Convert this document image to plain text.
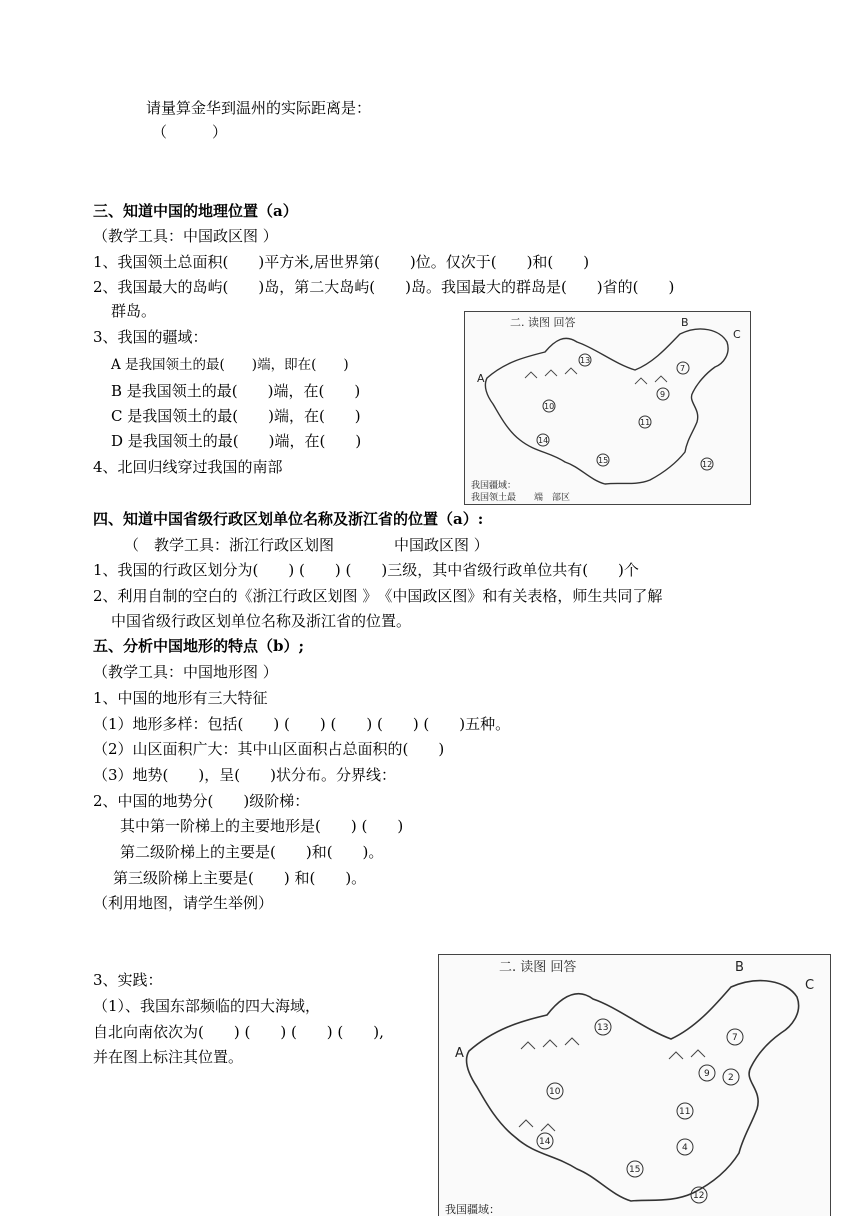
请量算金华到温州的实际距离是：
（　　　）
三、知道中国的地理位置（a）
（教学工具：中国政区图 ）
1、我国领土总面积(　　)平方米,居世界第(　　)位。仅次于(　　)和(　　)
2、我国最大的岛屿(　　)岛，第二大岛屿(　　)岛。我国最大的群岛是(　　)省的(　　)
群岛。
3、我国的疆域：
A 是我国领土的最(　　)端，即在(　　)
B 是我国领土的最(　　)端，在(　　)
C 是我国领土的最(　　)端，在(　　)
D 是我国领土的最(　　)端，在(　　)
4、北回归线穿过我国的南部
二. 读图 回答
A
B
C
13
7
9
10
14
11
15	12
我国疆域：
我国领土最　　端　部区
四、知道中国省级行政区划单位名称及浙江省的位置（a）:
（　教学工具：浙江行政区划图　　　　中国政区图 ）
1、我国的行政区划分为(　　) (　　) (　　)三级，其中省级行政单位共有(　　)个
2、利用自制的空白的《浙江行政区划图 》　《中国政区图》和有关表格，师生共同了解
中国省级行政区划单位名称及浙江省的位置。
五、分析中国地形的特点（b）;
（教学工具：中国地形图 ）
1、中国的地形有三大特征
（1）地形多样：包括(　　) (　　) (　　) (　　) (　　)五种。
（2）山区面积广大：其中山区面积占总面积的(　　)
（3）地势(　　)，呈(　　)状分布。分界线：
2、中国的地势分(　　)级阶梯：
其中第一阶梯上的主要地形是(　　) (　　)
第二级阶梯上的主要是(　　)和(　　)。
第三级阶梯上主要是(　　) 和(　　)。
（利用地图，请学生举例）
3、实践：
（1）、我国东部频临的四大海域，
自北向南依次为(　　) (　　) (　　) (　　),
并在图上标注其位置。
二. 读图 回答
A
B
C
13
7
9 2
10
11
14
4
15
12
我国疆域：
